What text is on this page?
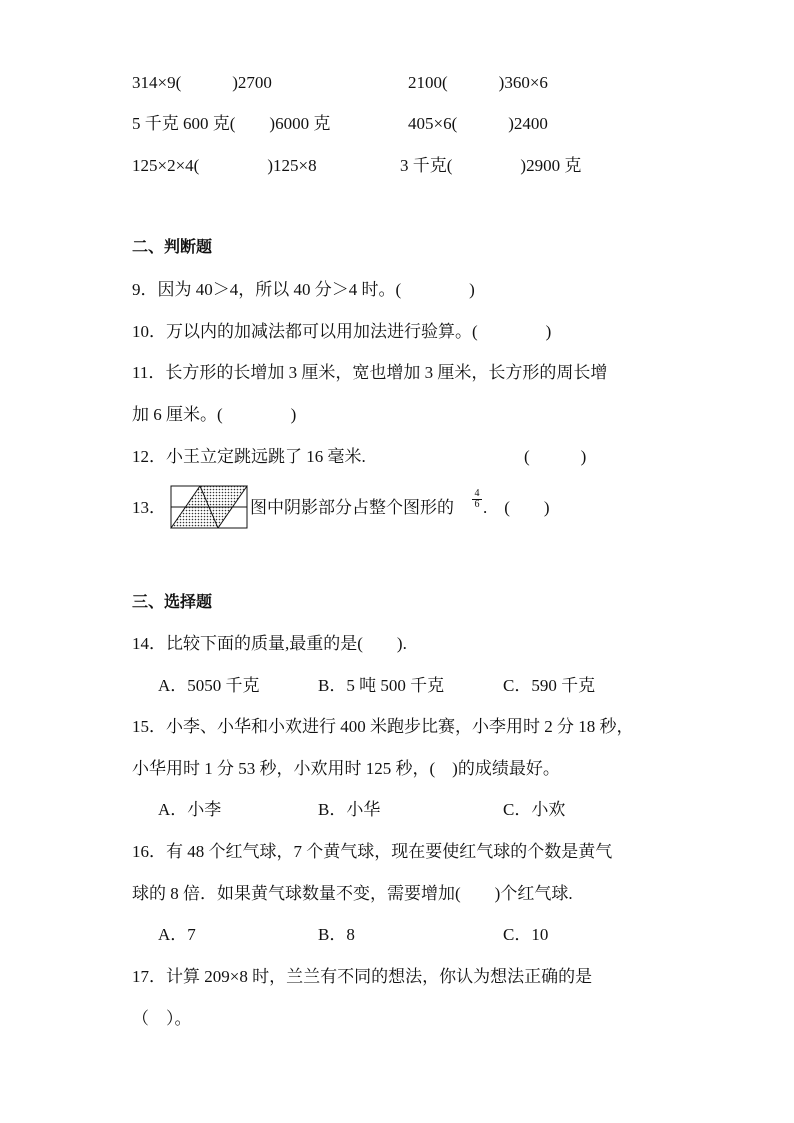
314×9(　　　)2700	2100(　　　)360×6
5 千克 600 克(　　)6000 克	405×6(　　　)2400
125×2×4(　　　　)125×8	3 千克(　　　　)2900 克
二、判断题
9．因为 40＞4，所以 40 分＞4 时。(　　　　)
10．万以内的加减法都可以用加法进行验算。(　　　　)
11．长方形的长增加 3 厘米，宽也增加 3 厘米，长方形的周长增
加 6 厘米。(　　　　)
12．小王立定跳远跳了 16 毫米.	(　　　)
13．	图中阴影部分占整个图形的 $\frac{4}{6}$ .　(　　)
三、选择题
14．比较下面的质量,最重的是(　　).
A．5050 千克	B．5 吨 500 千克	C．590 千克
15．小李、小华和小欢进行 400 米跑步比赛，小李用时 2 分 18 秒，
小华用时 1 分 53 秒，小欢用时 125 秒，(　)的成绩最好。
A．小李	B．小华	C．小欢
16．有 48 个红气球，7 个黄气球，现在要使红气球的个数是黄气
球的 8 倍．如果黄气球数量不变，需要增加(　　)个红气球.
A．7	B．8	C．10
17．计算 209×8 时，兰兰有不同的想法，你认为想法正确的是
（　）。
